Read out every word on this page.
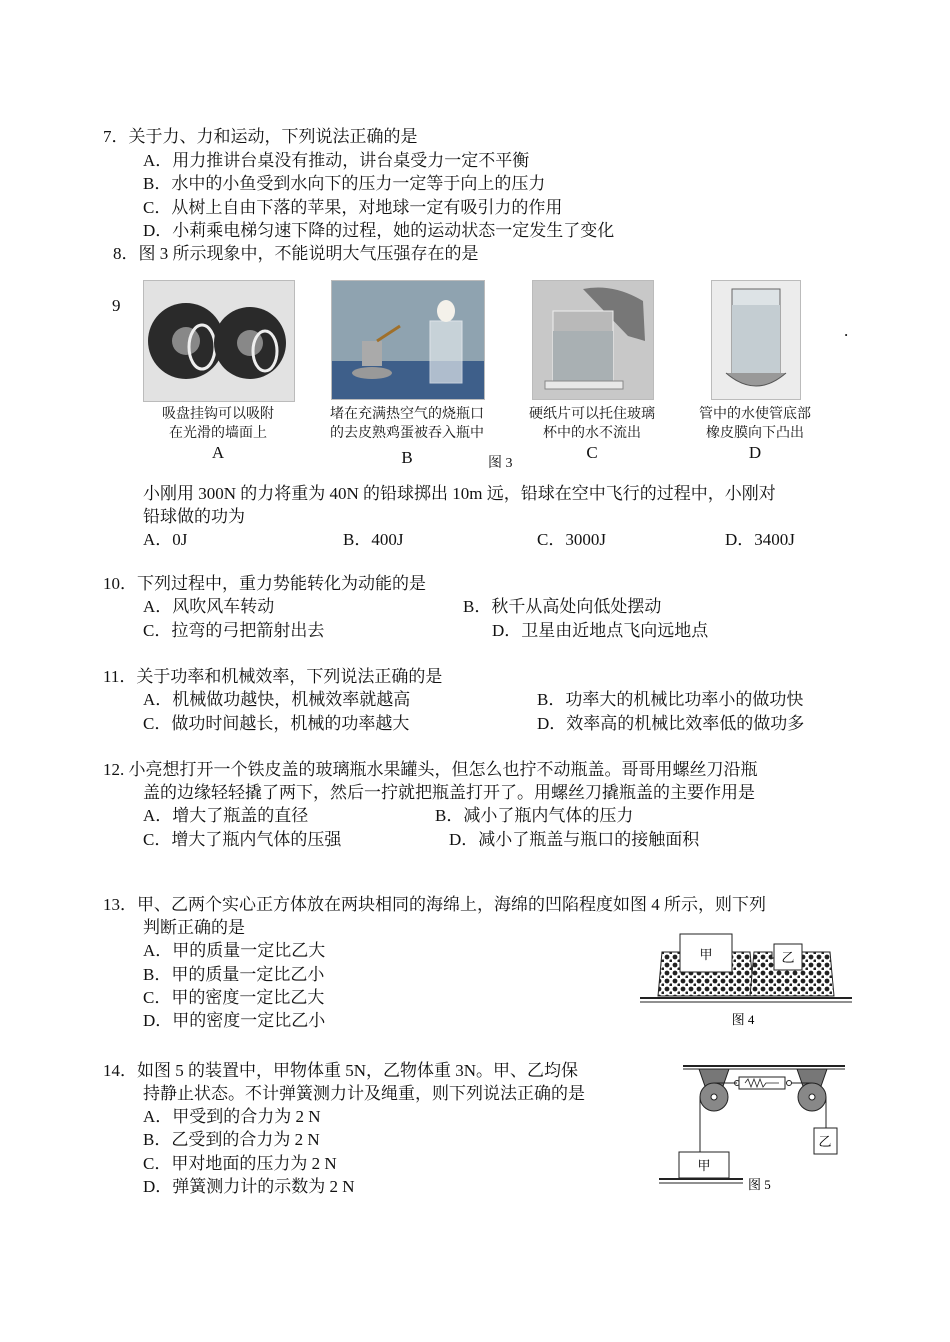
7．关于力、力和运动，下列说法正确的是
A．用力推讲台桌没有推动，讲台桌受力一定不平衡
B．水中的小鱼受到水向下的压力一定等于向上的压力
C．从树上自由下落的苹果，对地球一定有吸引力的作用
D．小莉乘电梯匀速下降的过程，她的运动状态一定发生了变化
8．图 3 所示现象中，不能说明大气压强存在的是
9
.
吸盘挂钩可以吸附
在光滑的墙面上
A
堵在充满热空气的烧瓶口
的去皮熟鸡蛋被吞入瓶中
B	图 3
硬纸片可以托住玻璃
杯中的水不流出
C
管中的水使管底部
橡皮膜向下凸出
D
小刚用 300N 的力将重为 40N 的铅球掷出 10m 远，铅球在空中飞行的过程中，小刚对
铅球做的功为
A．0J	B．400J	C．3000J	D．3400J
10．下列过程中，重力势能转化为动能的是
A．风吹风车转动	B．秋千从高处向低处摆动
C．拉弯的弓把箭射出去	D．卫星由近地点飞向远地点
11．关于功率和机械效率，下列说法正确的是
A．机械做功越快，机械效率就越高	B．功率大的机械比功率小的做功快
C．做功时间越长，机械的功率越大	D．效率高的机械比效率低的做功多
12. 小亮想打开一个铁皮盖的玻璃瓶水果罐头，但怎么也拧不动瓶盖。哥哥用螺丝刀沿瓶
盖的边缘轻轻撬了两下，然后一拧就把瓶盖打开了。用螺丝刀撬瓶盖的主要作用是
A．增大了瓶盖的直径	B．减小了瓶内气体的压力
C．增大了瓶内气体的压强	D．减小了瓶盖与瓶口的接触面积
13．甲、乙两个实心正方体放在两块相同的海绵上，海绵的凹陷程度如图 4 所示，则下列
判断正确的是
A．甲的质量一定比乙大
B．甲的质量一定比乙小
C．甲的密度一定比乙大
D．甲的密度一定比乙小
甲	乙
图 4
14．如图 5 的装置中，甲物体重 5N，乙物体重 3N。甲、乙均保
持静止状态。不计弹簧测力计及绳重，则下列说法正确的是
A．甲受到的合力为 2 N
B．乙受到的合力为 2 N
C．甲对地面的压力为 2 N
D．弹簧测力计的示数为 2 N
甲
乙
图 5
